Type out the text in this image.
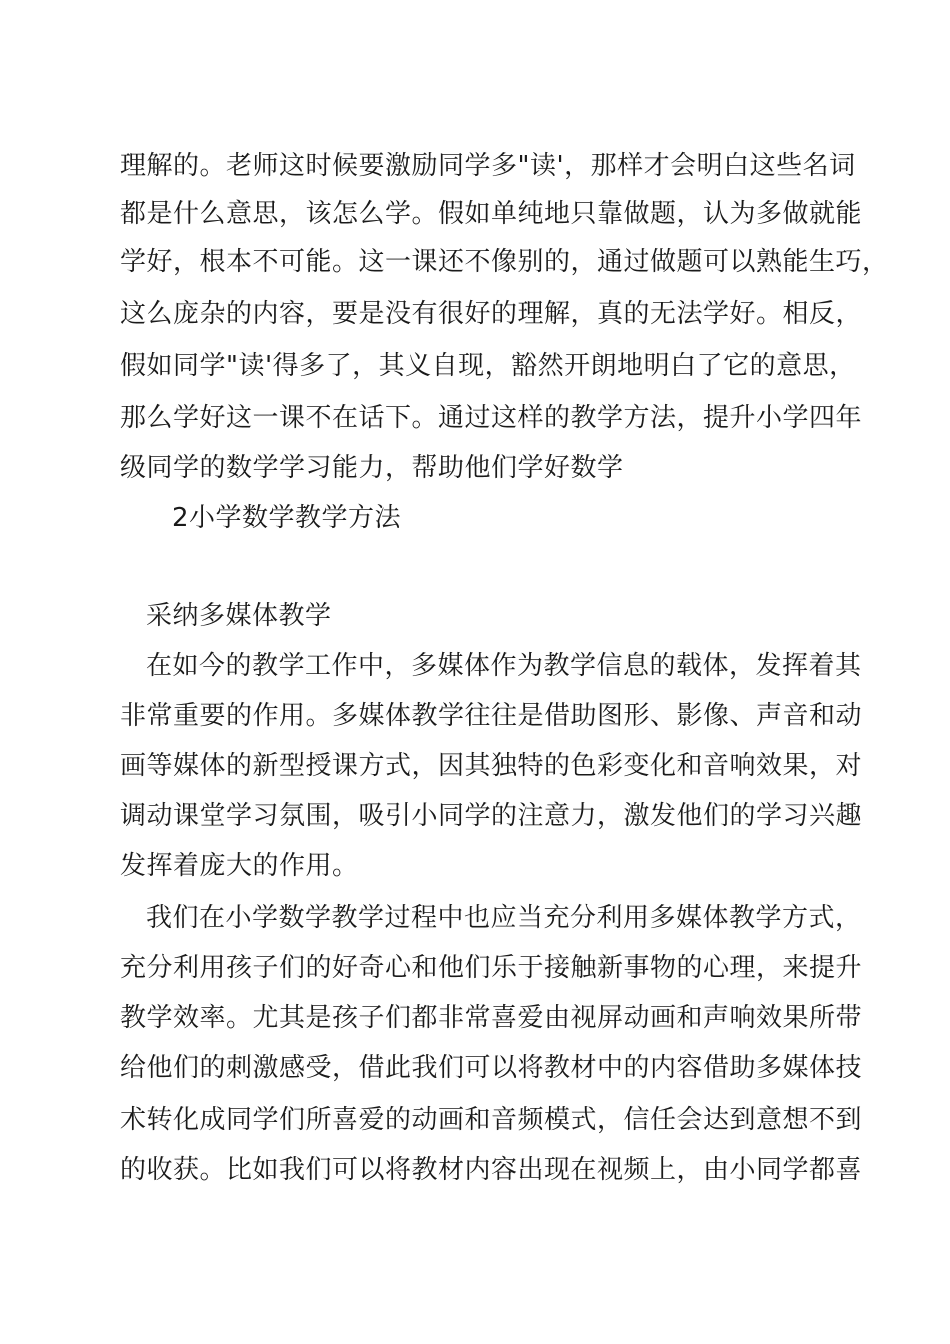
理解的。老师这时候要激励同学多"读'，那样才会明白这些名词
都是什么意思，该怎么学。假如单纯地只靠做题，认为多做就能
学好，根本不可能。这一课还不像别的，通过做题可以熟能生巧，
这么庞杂的内容，要是没有很好的理解，真的无法学好。相反，
假如同学"读'得多了，其义自现，豁然开朗地明白了它的意思，
那么学好这一课不在话下。通过这样的教学方法，提升小学四年
级同学的数学学习能力，帮助他们学好数学
2小学数学教学方法
采纳多媒体教学
在如今的教学工作中，多媒体作为教学信息的载体，发挥着其
非常重要的作用。多媒体教学往往是借助图形、影像、声音和动
画等媒体的新型授课方式，因其独特的色彩变化和音响效果，对
调动课堂学习氛围，吸引小同学的注意力，激发他们的学习兴趣
发挥着庞大的作用。
我们在小学数学教学过程中也应当充分利用多媒体教学方式，
充分利用孩子们的好奇心和他们乐于接触新事物的心理，来提升
教学效率。尤其是孩子们都非常喜爱由视屏动画和声响效果所带
给他们的刺激感受，借此我们可以将教材中的内容借助多媒体技
术转化成同学们所喜爱的动画和音频模式，信任会达到意想不到
的收获。比如我们可以将教材内容出现在视频上，由小同学都喜
